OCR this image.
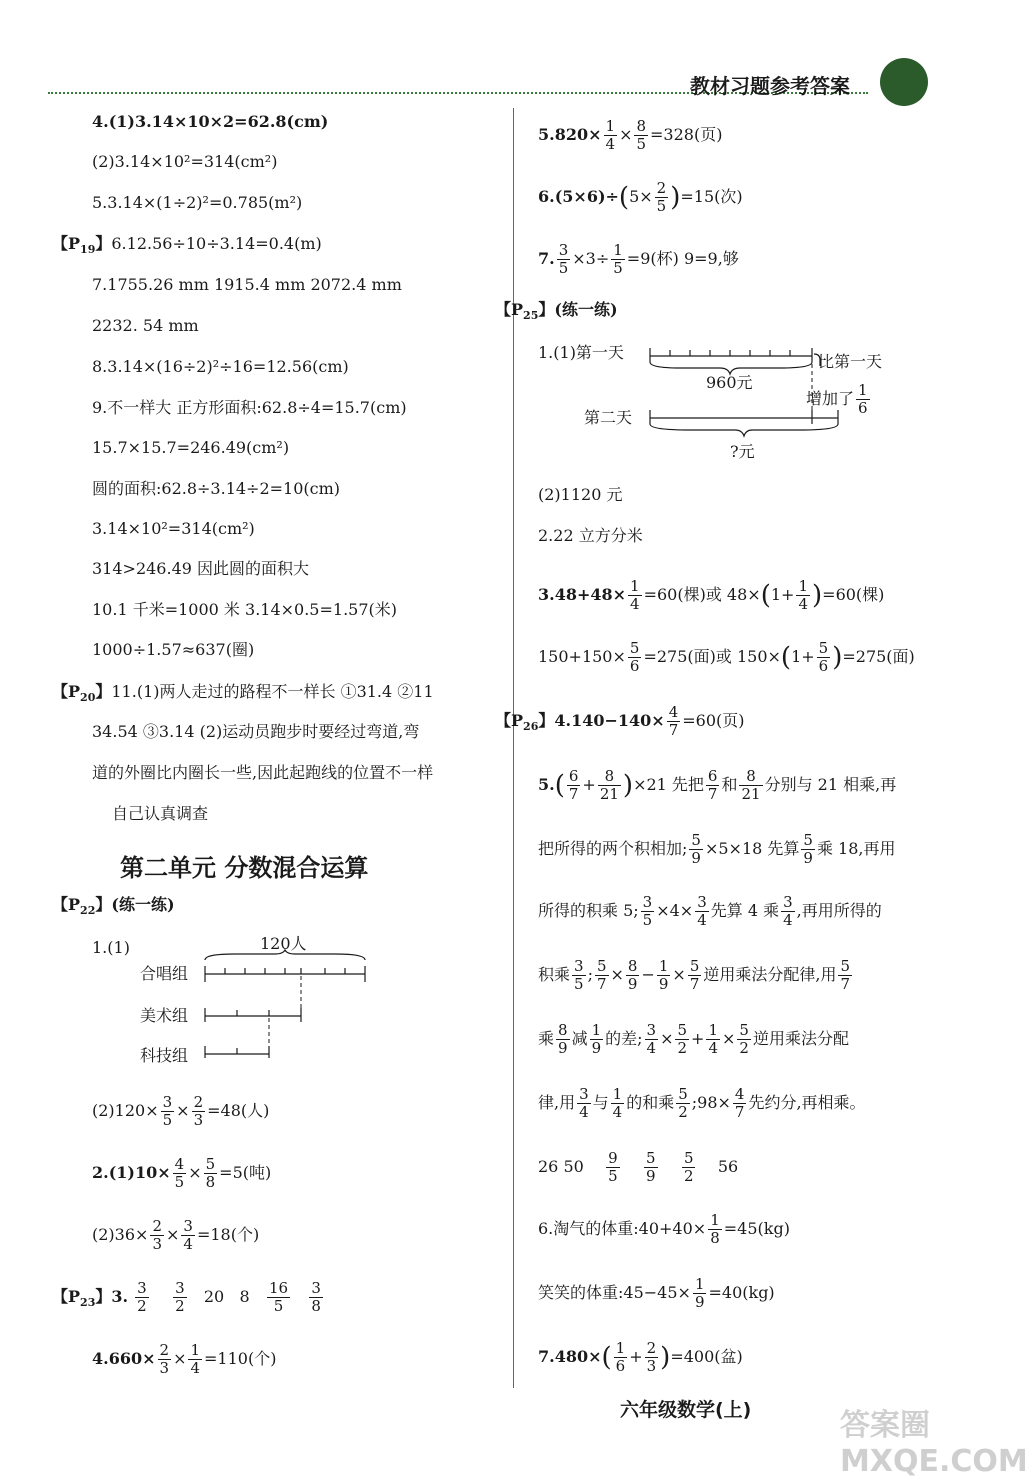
教材习题参考答案
4.(1)3.14×10×2=62.8(cm)
(2)3.14×10²=314(cm²)
5.3.14×(1÷2)²=0.785(m²)
【$P_{19}$】6.12.56÷10÷3.14=0.4(m)
7.1755.26 mm 1915.4 mm 2072.4 mm
2232. 54 mm
8.3.14×(16÷2)²÷16=12.56(cm)
9.不一样大 正方形面积:62.8÷4=15.7(cm)
15.7×15.7=246.49(cm²)
圆的面积:62.8÷3.14÷2=10(cm)
3.14×10²=314(cm²)
314>246.49 因此圆的面积大
10.1 千米=1000 米 3.14×0.5=1.57(米)
1000÷1.57≈637(圈)
【$P_{20}$】11.(1)两人走过的路程不一样长 ①31.4 ②11
34.54 ③3.14 (2)运动员跑步时要经过弯道,弯
道的外圈比内圈长一些,因此起跑线的位置不一样
自己认真调查
第二单元 分数混合运算
【$P_{22}$】(练一练)
1.(1)	120人
合唱组
美术组
科技组
$(2)120\times \frac{3}{5} \times \frac{2}{3} =48$(人)
$2.(1)10\times \frac{4}{5} \times \frac{5}{8} =5$(吨)
$(2)36\times \frac{2}{3} \times \frac{3}{4} =18$(个)
【$P_{23}$】3. $\frac{3}{2}$
$\frac{3}{2} 20$ $8 \frac{16}{5}$
$\frac{3}{8}$
$4.660\times \frac{2}{3} \times \frac{1}{4} =110$(个)
$5.820\times \frac{1}{4} \times \frac{8}{5} =328$(页)
$6.(5\times 6)\div(5\times \frac{2}{5} )=15$(次)
7. $\frac{3}{5} \times 3\div \frac{1}{5} =9$(杯) 9=9,够
【$P_{25}$】(练一练)
1.(1)第一天	比第一天
增加了 $\frac{1}{6}$
960元
第二天
?元
(2)1120 元
2.22 立方分米
$3.48+48\times \frac{1}{4} =60$(棵)或 $48\times(1+ \frac{1}{4} )=60$(棵)
$150+150\times \frac{5}{6} =275$(面)或 $150\times(1+ \frac{5}{6} )=275$(面)
【$P_{26}$】$4.140-140\times \frac{4}{7} =60$(页)
$5.( \frac{6}{7} + \frac{8}{21} )\times 21$ 先把 $\frac{6}{7}$ 和 $\frac{8}{21}$ 分别与 21 相乘,再
把所得的两个积相加; $\frac{5}{9} \times 5\times 18$ 先算 $\frac{5}{9}$ 乘 18,再用
所得的积乘 5; $\frac{3}{5} \times 4\times \frac{3}{4}$ 先算 4 乘 $\frac{3}{4}$ ,再用所得的
积乘 $\frac{3}{5}$ ; $\frac{5}{7} \times \frac{8}{9} - \frac{1}{9} \times \frac{5}{7}$ 逆用乘法分配律,用 $\frac{5}{7}$
乘 $\frac{8}{9}$ 减 $\frac{1}{9}$ 的差; $\frac{3}{4} \times \frac{5}{2} + \frac{1}{4} \times \frac{5}{2}$ 逆用乘法分配
律,用 $\frac{3}{4}$ 与 $\frac{1}{4}$ 的和乘 $\frac{5}{2}$ ;98× $\frac{4}{7}$ 先约分,再相乘。
26 $50 \frac{9}{5}$
$\frac{5}{9}$
$\frac{5}{2} 56$
6.淘气的体重:40+40× $\frac{1}{8} =45(kg)$
笑笑的体重:45−45× $\frac{1}{9} =40(kg)$
$7.480\times( \frac{1}{6} + \frac{2}{3} )=400$(盆)
六年级数学(上)	答案圈 MXQE.COM
